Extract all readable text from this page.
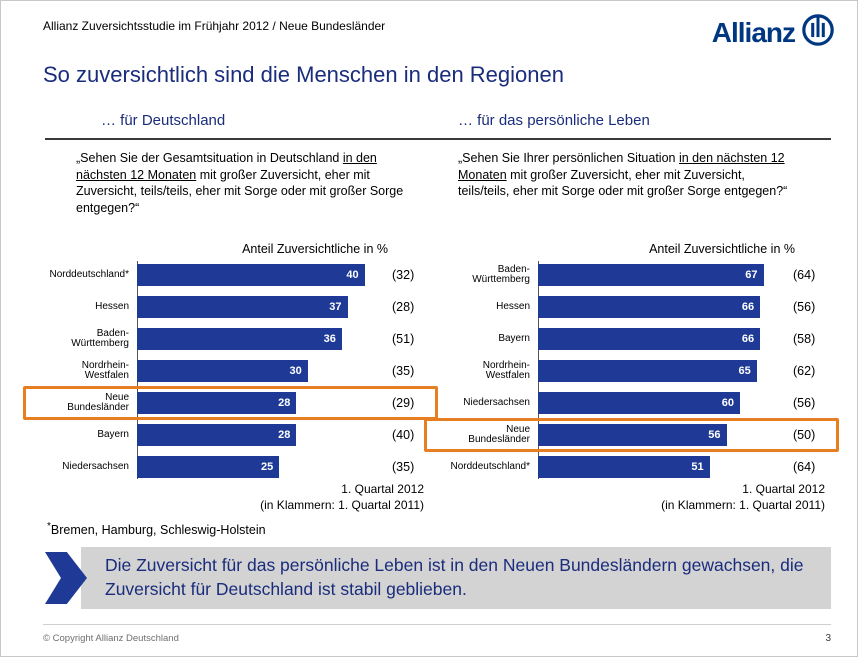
Allianz Zuversichtsstudie im Frühjahr 2012 / Neue Bundesländer	Allianz
So zuversichtlich sind die Menschen in den Regionen
… für Deutschland	… für das persönliche Leben
„Sehen Sie der Gesamtsituation in Deutschland in den nächsten 12 Monaten mit großer Zuversicht, eher mit Zuversicht, teils/teils, eher mit Sorge oder mit großer Sorge entgegen?“
Anteil Zuversichtliche in %
Norddeutschland*	40	(32)
Hessen	37	(28)
Baden-Württemberg	36	(51)
Nordrhein-Westfalen	30	(35)
Neue Bundesländer	28	(29)
Bayern	28	(40)
Niedersachsen	25	(35)
1. Quartal 2012
(in Klammern: 1. Quartal 2011)
„Sehen Sie Ihrer persönlichen Situation in den nächsten 12 Monaten mit großer Zuversicht, eher mit Zuversicht, teils/teils, eher mit Sorge oder mit großer Sorge entgegen?“
Anteil Zuversichtliche in %
Baden-Württemberg	67	(64)
Hessen	66	(56)
Bayern	66	(58)
Nordrhein-Westfalen	65	(62)
Niedersachsen	60	(56)
Neue Bundesländer	56	(50)
Norddeutschland*	51	(64)
1. Quartal 2012
(in Klammern: 1. Quartal 2011)
*Bremen, Hamburg, Schleswig-Holstein
Die Zuversicht für das persönliche Leben ist in den Neuen Bundesländern gewachsen, die Zuversicht für Deutschland ist stabil geblieben.
© Copyright Allianz Deutschland	3
